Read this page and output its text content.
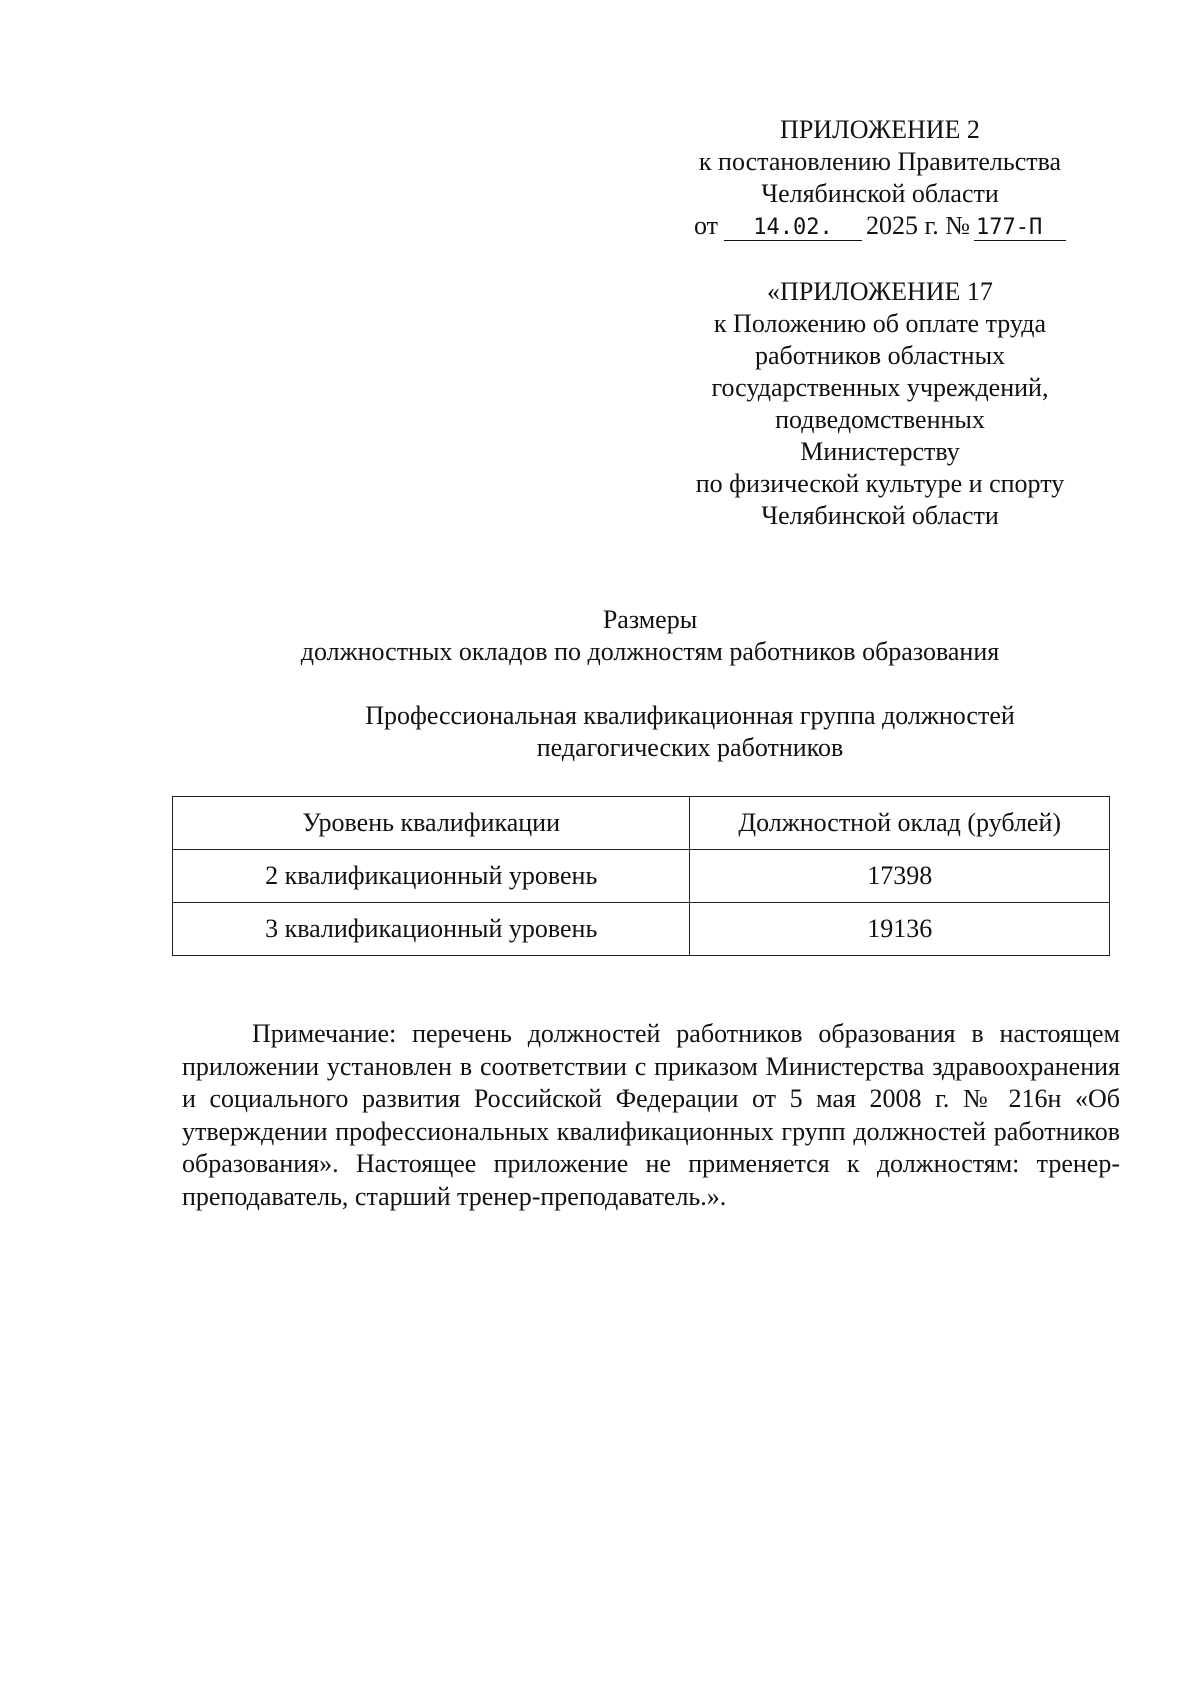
ПРИЛОЖЕНИЕ 2
к постановлению Правительства
Челябинской области
от 14.02. 2025 г. № 177-П
«ПРИЛОЖЕНИЕ 17
к Положению об оплате труда
работников областных
государственных учреждений,
подведомственных
Министерству
по физической культуре и спорту
Челябинской области
Размеры
должностных окладов по должностям работников образования
Профессиональная квалификационная группа должностей
педагогических работников
Уровень квалификации	Должностной оклад (рублей)
2 квалификационный уровень	17398
3 квалификационный уровень	19136

Примечание: перечень должностей работников образования в настоящем приложении установлен в соответствии с приказом Министерства здравоохранения и социального развития Российской Федерации от 5 мая 2008 г. № 216н «Об утверждении профессиональных квалификационных групп должностей работников образования». Настоящее приложение не применяется к должностям: тренер-преподаватель, старший тренер-преподаватель.».
